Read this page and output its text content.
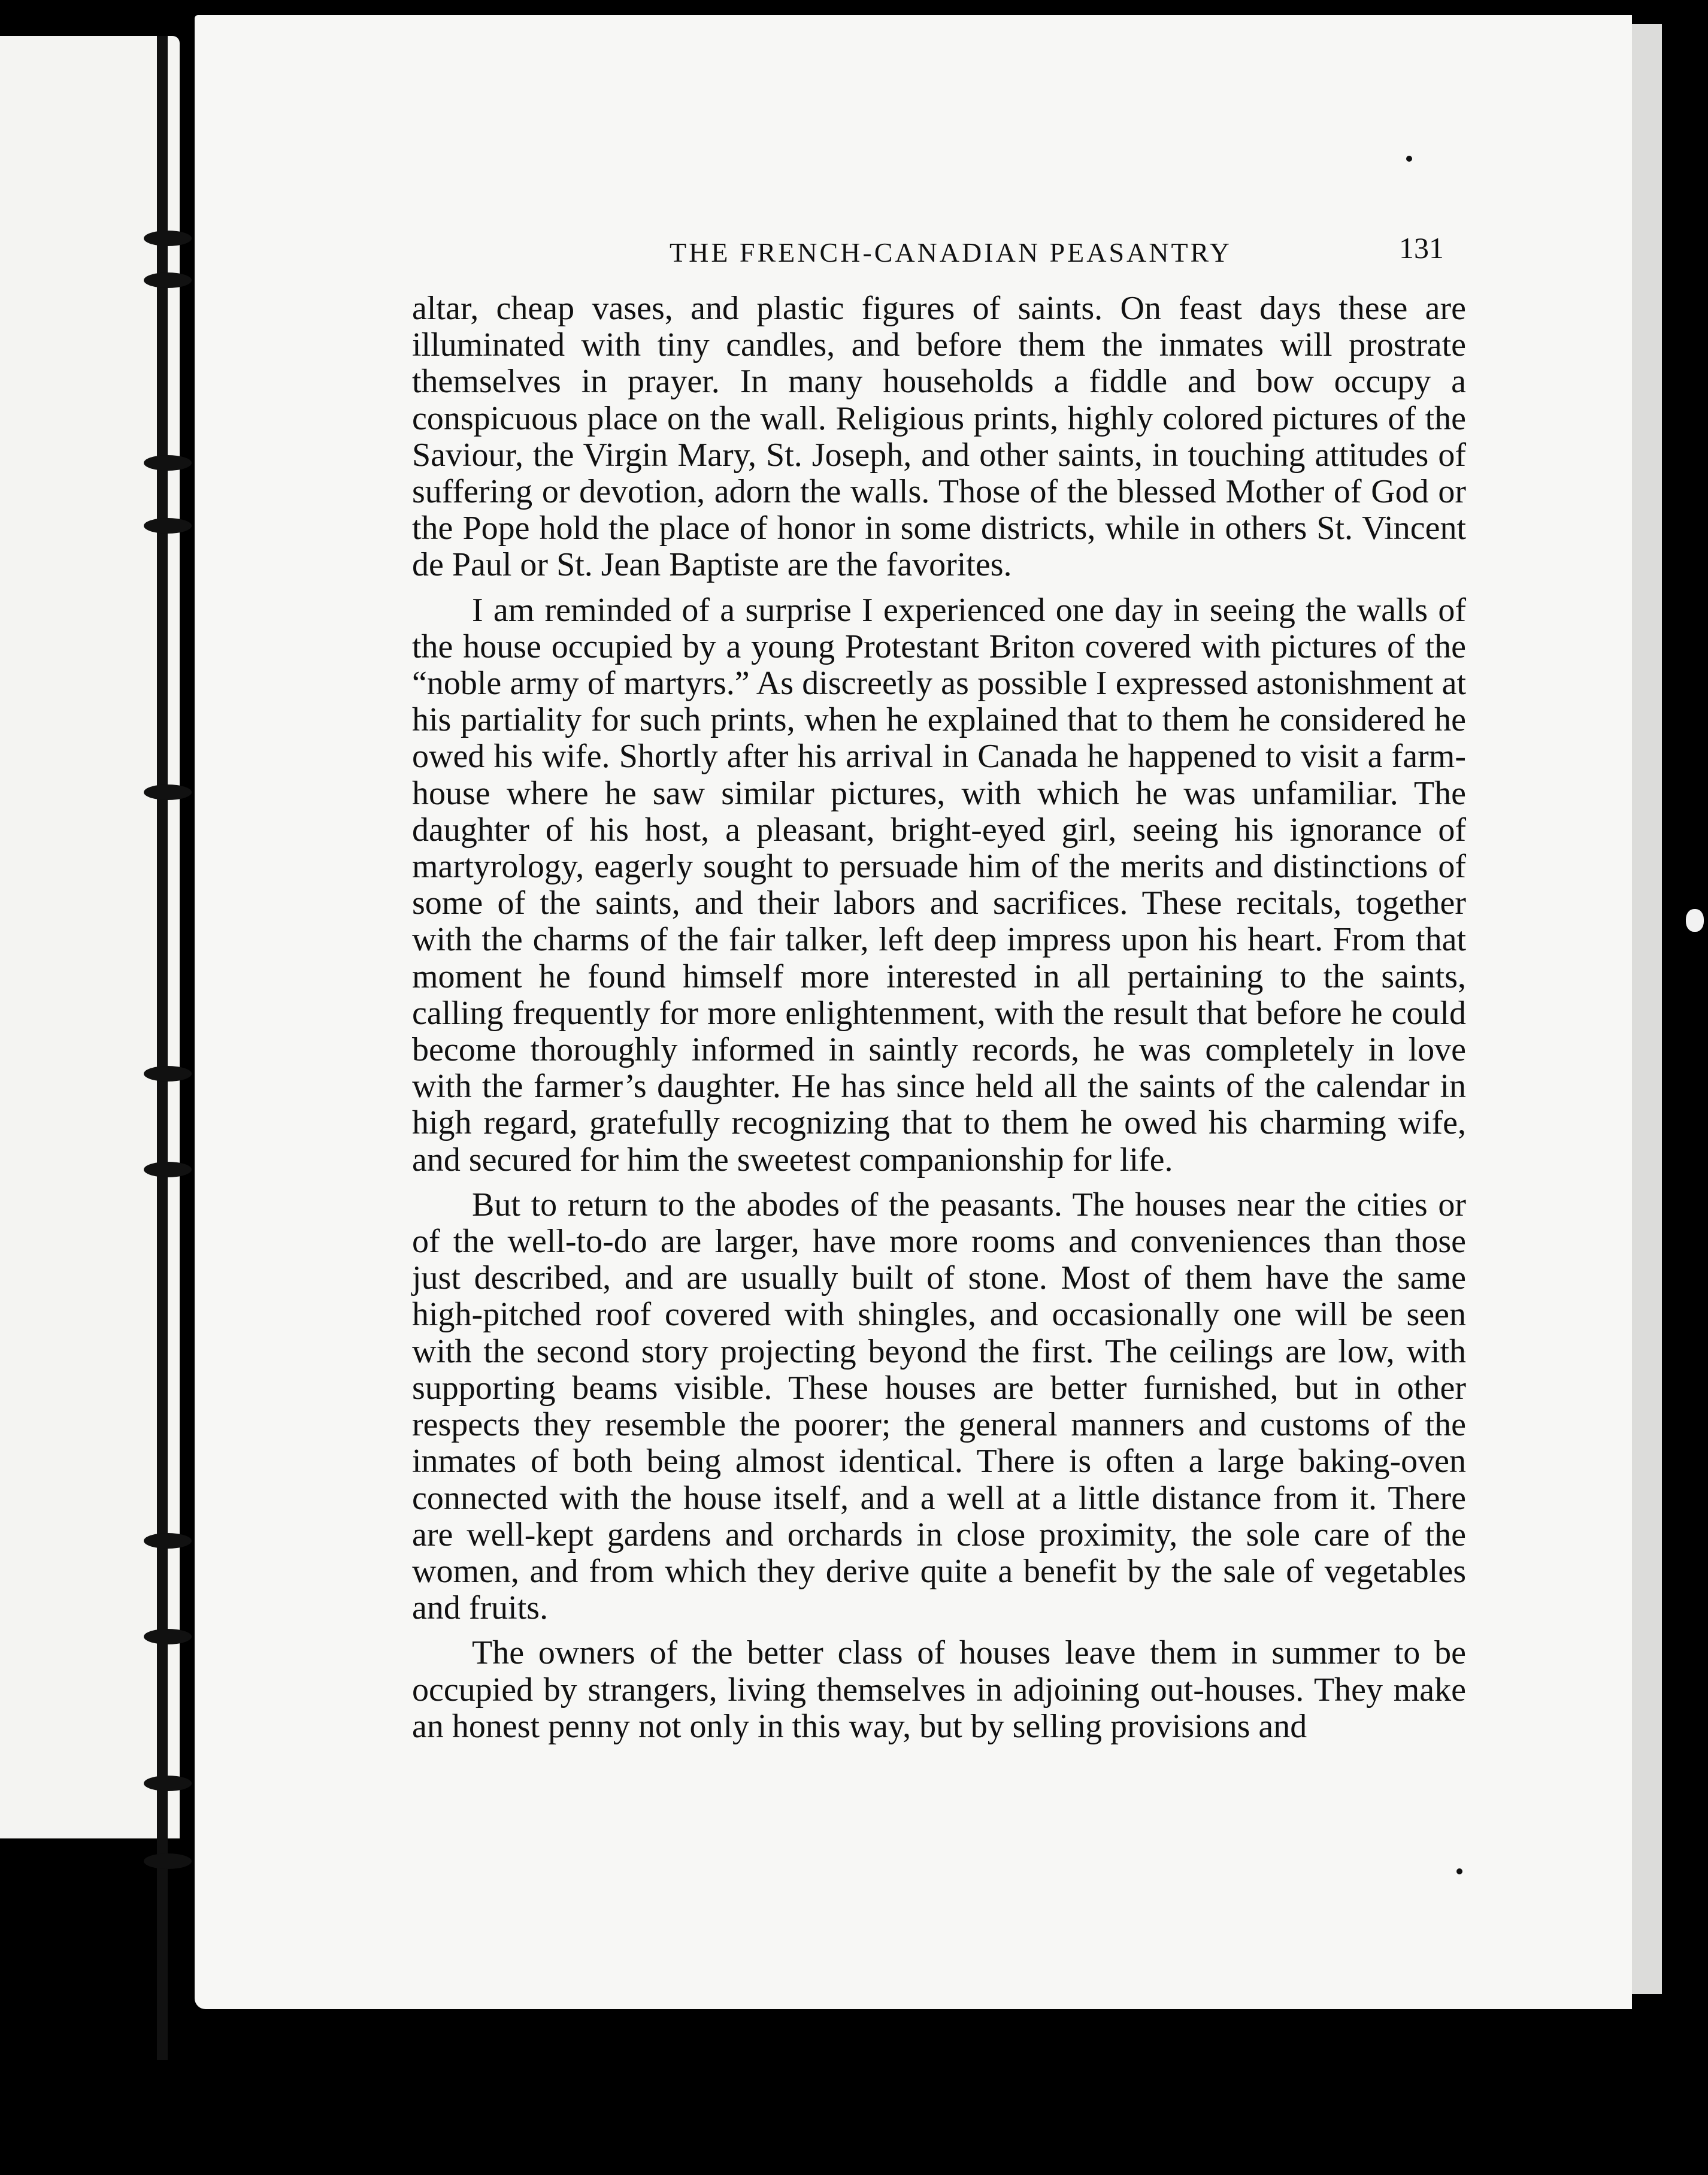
THE FRENCH-CANADIAN PEASANTRY	131

altar, cheap vases, and plastic figures of saints. On feast days these are illuminated with tiny candles, and before them the inmates will prostrate themselves in prayer. In many households a fiddle and bow occupy a conspicuous place on the wall. Religious prints, highly colored pictures of the Saviour, the Virgin Mary, St. Joseph, and other saints, in touching attitudes of suffering or devotion, adorn the walls. Those of the blessed Mother of God or the Pope hold the place of honor in some districts, while in others St. Vincent de Paul or St. Jean Baptiste are the favorites.

I am reminded of a surprise I experienced one day in seeing the walls of the house occupied by a young Protestant Briton covered with pictures of the “noble army of martyrs.” As discreetly as possible I expressed astonishment at his partiality for such prints, when he explained that to them he considered he owed his wife. Shortly after his arrival in Canada he happened to visit a farm-house where he saw similar pictures, with which he was unfamiliar. The daughter of his host, a pleasant, bright-eyed girl, seeing his ignorance of martyrology, eagerly sought to persuade him of the merits and distinctions of some of the saints, and their labors and sacrifices. These recitals, together with the charms of the fair talker, left deep impress upon his heart. From that moment he found himself more interested in all pertaining to the saints, calling frequently for more enlightenment, with the result that before he could become thoroughly informed in saintly records, he was completely in love with the farmer’s daughter. He has since held all the saints of the calendar in high regard, gratefully recognizing that to them he owed his charming wife, and secured for him the sweetest companionship for life.

But to return to the abodes of the peasants. The houses near the cities or of the well-to-do are larger, have more rooms and conveniences than those just described, and are usually built of stone. Most of them have the same high-pitched roof covered with shingles, and occasionally one will be seen with the second story projecting beyond the first. The ceilings are low, with supporting beams visible. These houses are better furnished, but in other respects they resemble the poorer; the general manners and customs of the inmates of both being almost identical. There is often a large baking-oven connected with the house itself, and a well at a little distance from it. There are well-kept gardens and orchards in close proximity, the sole care of the women, and from which they derive quite a benefit by the sale of vegetables and fruits.

The owners of the better class of houses leave them in summer to be occupied by strangers, living themselves in adjoining out-houses. They make an honest penny not only in this way, but by selling provisions and
